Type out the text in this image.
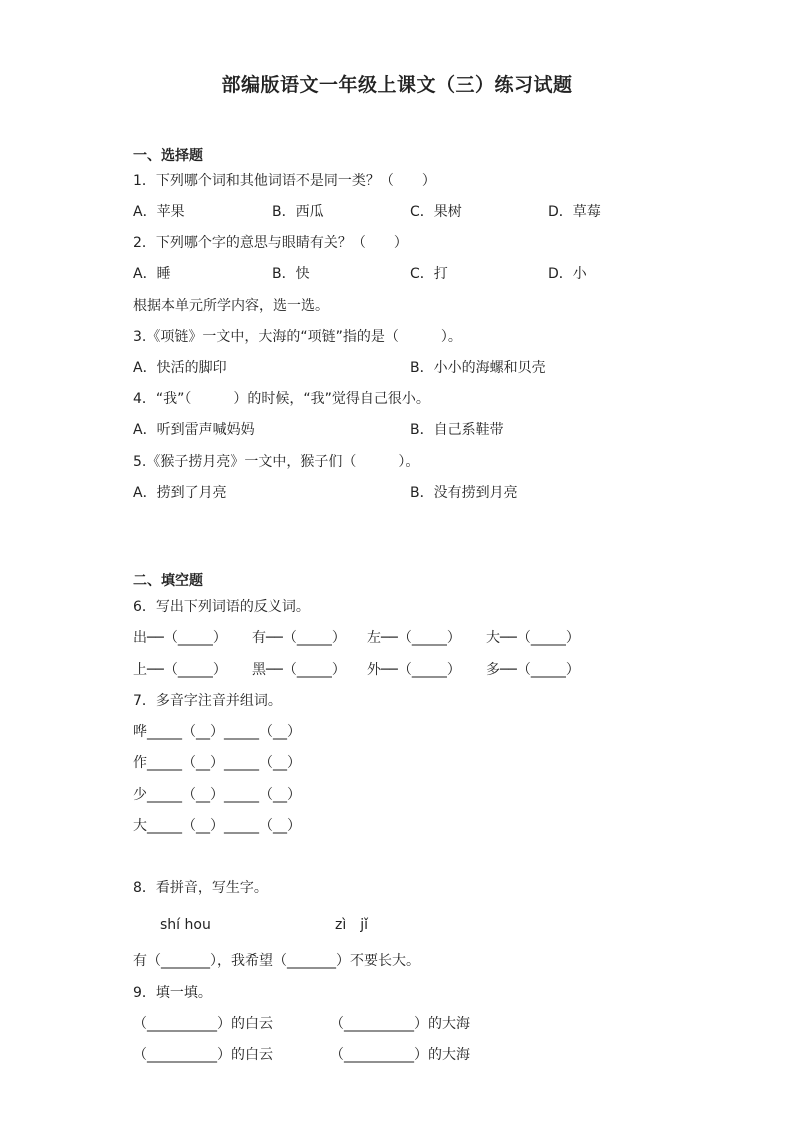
部编版语文一年级上课文（三）练习试题
一、选择题
1．下列哪个词和其他词语不是同一类？（　　）
A．苹果	B．西瓜	C．果树	D．草莓
2．下列哪个字的意思与眼睛有关？（　　）
A．睡	B．快	C．打	D．小
根据本单元所学内容，选一选。
3.《项链》一文中，大海的“项链”指的是（　　　）。
A．快活的脚印	B．小小的海螺和贝壳
4．“我”（　　　）的时候，“我”觉得自己很小。
A．听到雷声喊妈妈	B．自己系鞋带
5.《猴子捞月亮》一文中，猴子们（　　　）。
A．捞到了月亮	B．没有捞到月亮
二、填空题
6．写出下列词语的反义词。
出──（_____） 有──（_____） 左──（_____） 大──（_____）
上──（_____） 黑──（_____） 外──（_____） 多──（_____）
7．多音字注音并组词。
哗_____（__）_____（__）
作_____（__）_____（__）
少_____（__）_____（__）
大_____（__）_____（__）
8．看拼音，写生字。
shí hou	zì　jǐ
有（_______），我希望（_______）不要长大。
9．填一填。
（__________）的白云	（__________）的大海
（__________）的白云	（__________）的大海
